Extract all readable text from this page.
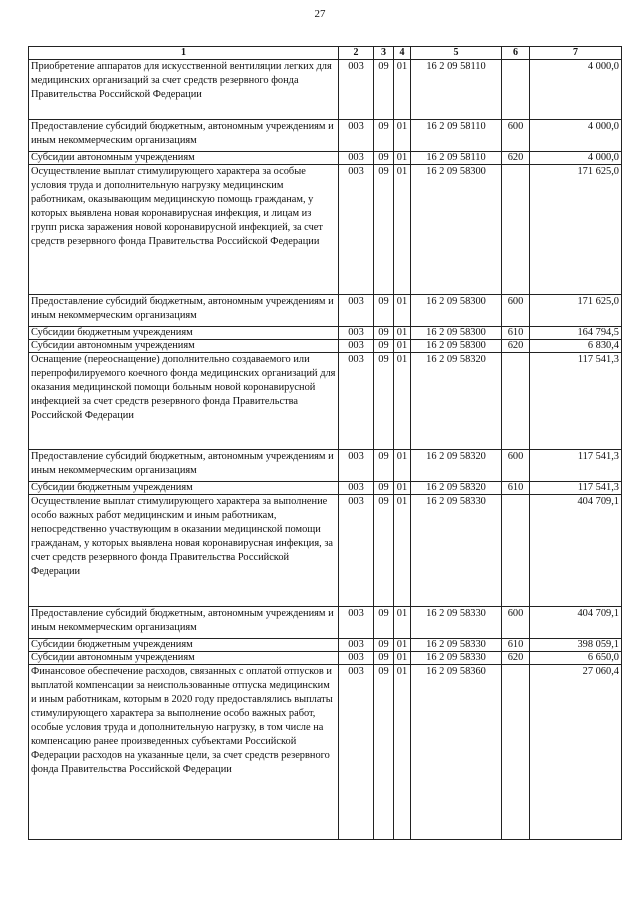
27
1	2	3	4	5	6	7
Приобретение аппаратов для искусственной вентиляции легких для медицинских организаций за счет средств резервного фонда Правительства Российской Федерации	003	09	01	16 2 09 58110		4 000,0
Предоставление субсидий бюджетным, автономным учреждениям и иным некоммерческим организациям	003	09	01	16 2 09 58110	600	4 000,0
Субсидии автономным учреждениям	003	09	01	16 2 09 58110	620	4 000,0
Осуществление выплат стимулирующего характера за особые условия труда и дополнительную нагрузку медицинским работникам, оказывающим медицинскую помощь гражданам, у которых выявлена новая коронавирусная инфекция, и лицам из групп риска заражения новой коронавирусной инфекцией, за счет средств резервного фонда Правительства Российской Федерации	003	09	01	16 2 09 58300		171 625,0
Предоставление субсидий бюджетным, автономным учреждениям и иным некоммерческим организациям	003	09	01	16 2 09 58300	600	171 625,0
Субсидии бюджетным учреждениям	003	09	01	16 2 09 58300	610	164 794,5
Субсидии автономным учреждениям	003	09	01	16 2 09 58300	620	6 830,4
Оснащение (переоснащение) дополнительно создаваемого или перепрофилируемого коечного фонда медицинских организаций для оказания медицинской помощи больным новой коронавирусной инфекцией за счет средств резервного фонда Правительства Российской Федерации	003	09	01	16 2 09 58320		117 541,3
Предоставление субсидий бюджетным, автономным учреждениям и иным некоммерческим организациям	003	09	01	16 2 09 58320	600	117 541,3
Субсидии бюджетным учреждениям	003	09	01	16 2 09 58320	610	117 541,3
Осуществление выплат стимулирующего характера за выполнение особо важных работ медицинским и иным работникам, непосредственно участвующим в оказании медицинской помощи гражданам, у которых выявлена новая коронавирусная инфекция, за счет средств резервного фонда Правительства Российской Федерации	003	09	01	16 2 09 58330		404 709,1
Предоставление субсидий бюджетным, автономным учреждениям и иным некоммерческим организациям	003	09	01	16 2 09 58330	600	404 709,1
Субсидии бюджетным учреждениям	003	09	01	16 2 09 58330	610	398 059,1
Субсидии автономным учреждениям	003	09	01	16 2 09 58330	620	6 650,0
Финансовое обеспечение расходов, связанных с оплатой отпусков и выплатой компенсации за неиспользованные отпуска медицинским и иным работникам, которым в 2020 году предоставлялись выплаты стимулирующего характера за выполнение особо важных работ, особые условия труда и дополнительную нагрузку, в том числе на компенсацию ранее произведенных субъектами Российской Федерации расходов на указанные цели, за счет средств резервного фонда Правительства Российской Федерации	003	09	01	16 2 09 58360		27 060,4
